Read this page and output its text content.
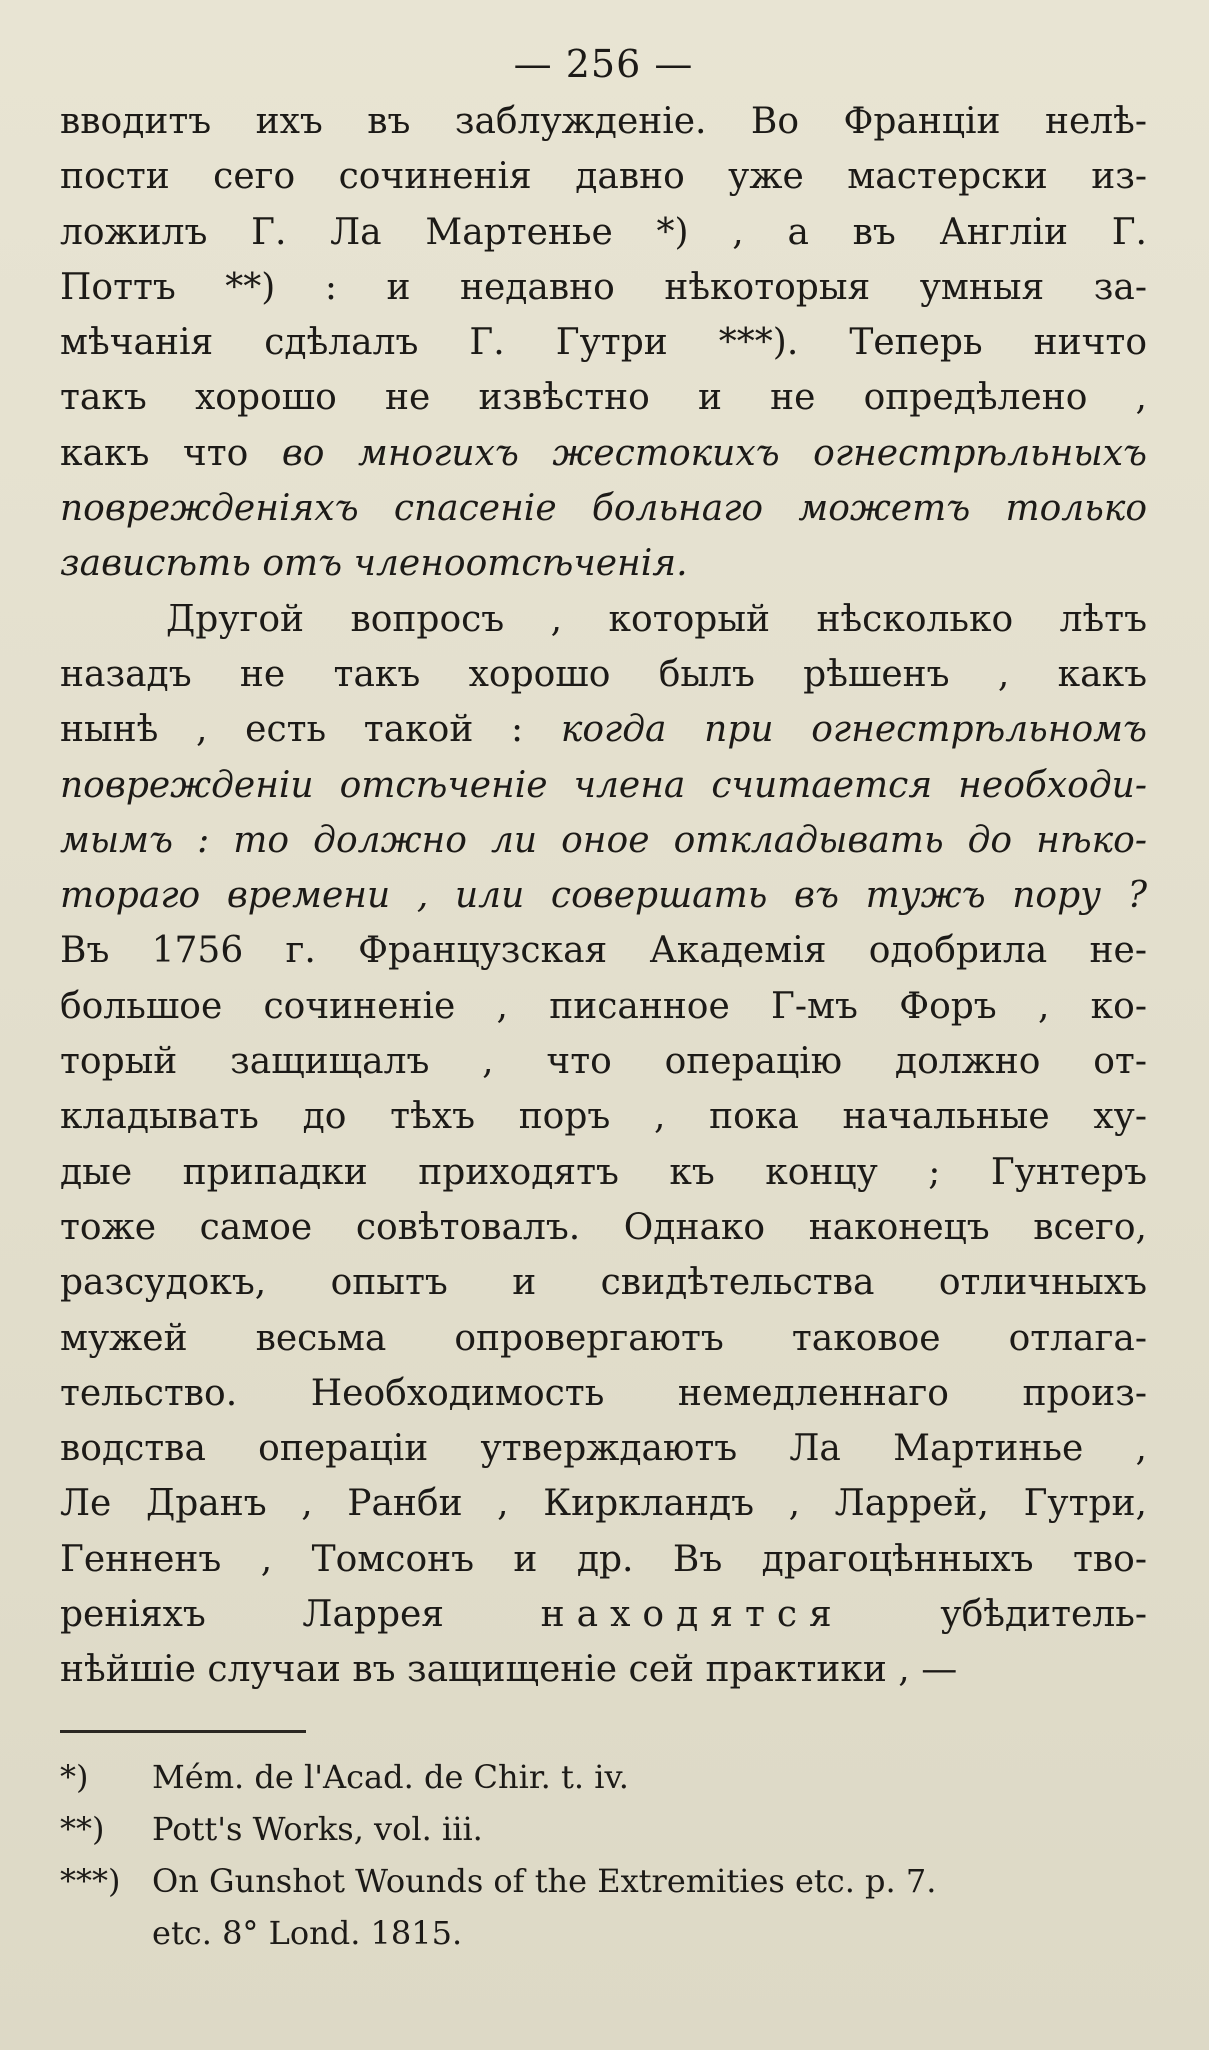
— 256 —
вводитъ ихъ въ заблужденіе. Во Франціи нелѣ-
пости сего сочиненія давно уже мастерски из-
ложилъ Г. Ла Мартенье *) , а въ Англіи Г.
Поттъ **) : и недавно нѣкоторыя умныя за-
мѣчанія сдѣлалъ Г. Гутри ***). Теперь ничто
такъ хорошо не извѣстно и не опредѣлено ,
какъ что во многихъ жестокихъ огнестрѣльныхъ
поврежденіяхъ спасеніе больнаго можетъ только
зависѣть отъ членоотсѣченія.
Другой вопросъ , который нѣсколько лѣтъ
назадъ не такъ хорошо былъ рѣшенъ , какъ
нынѣ , есть такой : когда при огнестрѣльномъ
поврежденіи отсѣченіе члена считается необходи-
мымъ : то должно ли оное откладывать до нѣко-
тораго времени , или совершать въ тужъ пору ?
Въ 1756 г. Французская Академія одобрила не-
большое сочиненіе , писанное Г-мъ Форъ , ко-
торый защищалъ , что операцію должно от-
кладывать до тѣхъ поръ , пока начальные ху-
дые припадки приходятъ къ концу ; Гунтеръ
тоже самое совѣтовалъ. Однако наконецъ всего,
разсудокъ, опытъ и свидѣтельства отличныхъ
мужей весьма опровергаютъ таковое отлага-
тельство. Необходимость немедленнаго произ-
водства операціи утверждаютъ Ла Мартинье ,
Ле Дранъ , Ранби , Киркландъ , Ларрей, Гутри,
Генненъ , Томсонъ и др. Въ драгоцѣнныхъ тво-
реніяхъ Ларрея находятся убѣдитель-
нѣйшіе случаи въ защищеніе сей практики , —
*) Mém. de l'Acad. de Chir. t. iv.
**) Pott's Works, vol. iii.
***) On Gunshot Wounds of the Extremities etc. p. 7.
etc. 8° Lond. 1815.
